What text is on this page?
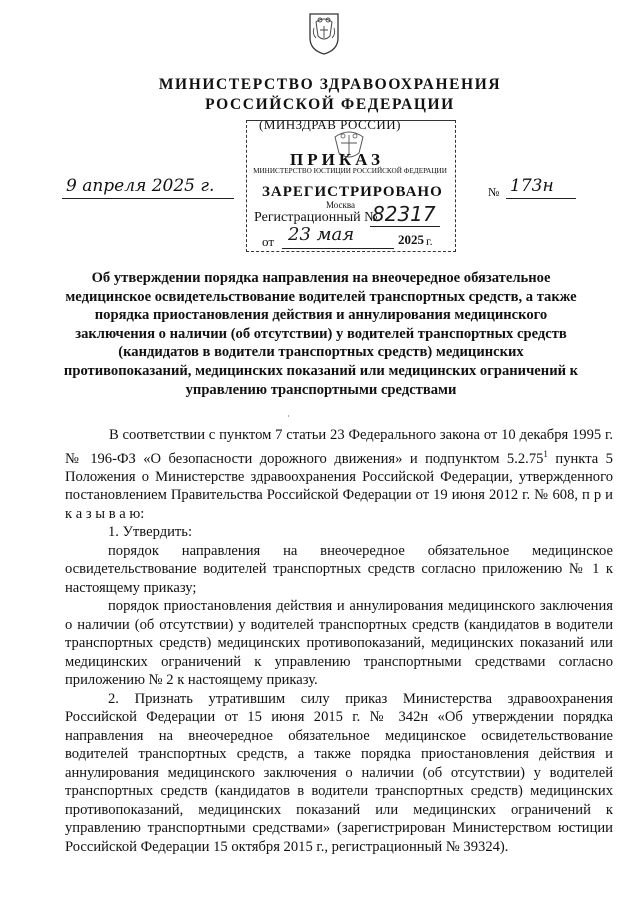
МИНИСТЕРСТВО ЗДРАВООХРАНЕНИЯ
РОССИЙСКОЙ ФЕДЕРАЦИИ
(МИНЗДРАВ РОССИИ)
ПРИКАЗ
МИНИСТЕРСТВО ЮСТИЦИИ РОССИЙСКОЙ ФЕДЕРАЦИИ
ЗАРЕГИСТРИРОВАНО
Москва
Регистрационный №
82317
от 23 мая	2025 г.
9 апреля 2025 г.	№ 173н
Об утверждении порядка направления на внеочередное обязательное медицинское освидетельствование водителей транспортных средств, а также порядка приостановления действия и аннулирования медицинского заключения о наличии (об отсутствии) у водителей транспортных средств (кандидатов в водители транспортных средств) медицинских противопоказаний, медицинских показаний или медицинских ограничений к управлению транспортными средствами
·

В соответствии с пунктом 7 статьи 23 Федерального закона от 10 декабря 1995 г. № 196-ФЗ «О безопасности дорожного движения» и подпунктом 5.2.75$^1$ пункта 5 Положения о Министерстве здравоохранения Российской Федерации, утвержденного постановлением Правительства Российской Федерации от 19 июня 2012 г. № 608, п р и к а з ы в а ю:

1. Утвердить:

порядок направления на внеочередное обязательное медицинское освидетельствование водителей транспортных средств согласно приложению № 1 к настоящему приказу;

порядок приостановления действия и аннулирования медицинского заключения о наличии (об отсутствии) у водителей транспортных средств (кандидатов в водители транспортных средств) медицинских противопоказаний, медицинских показаний или медицинских ограничений к управлению транспортными средствами согласно приложению № 2 к настоящему приказу.

2. Признать утратившим силу приказ Министерства здравоохранения Российской Федерации от 15 июня 2015 г. № 342н «Об утверждении порядка направления на внеочередное обязательное медицинское освидетельствование водителей транспортных средств, а также порядка приостановления действия и аннулирования медицинского заключения о наличии (об отсутствии) у водителей транспортных средств (кандидатов в водители транспортных средств) медицинских противопоказаний, медицинских показаний или медицинских ограничений к управлению транспортными средствами» (зарегистрирован Министерством юстиции Российской Федерации 15 октября 2015 г., регистрационный № 39324).
